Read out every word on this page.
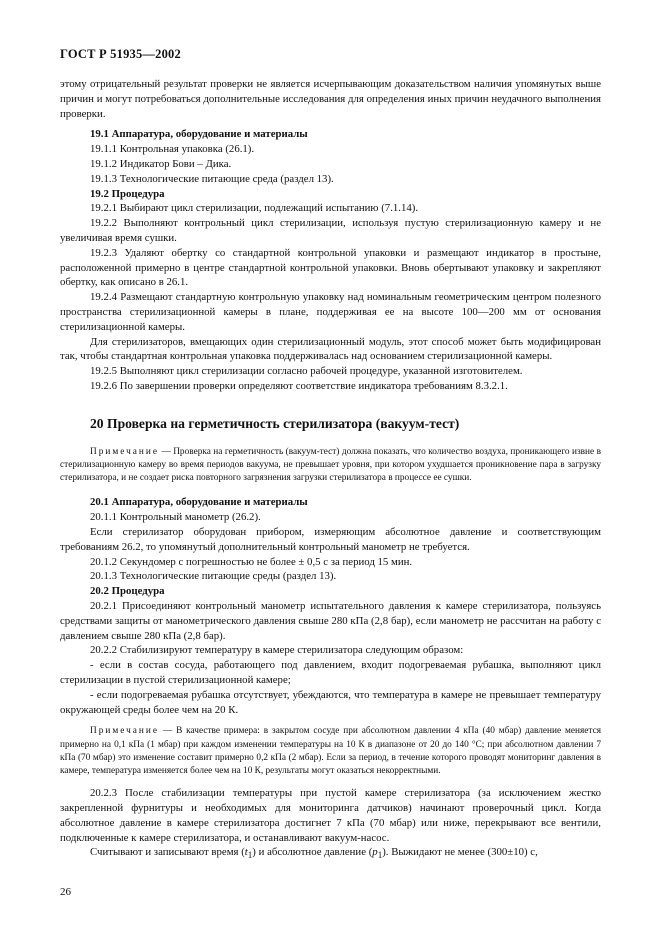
ГОСТ Р 51935—2002

этому отрицательный результат проверки не является исчерпывающим доказательством наличия упомянутых выше причин и могут потребоваться дополнительные исследования для определения иных причин неудачного выполнения проверки.

19.1 Аппаратура, оборудование и материалы

19.1.1 Контрольная упаковка (26.1).

19.1.2 Индикатор Бови – Дика.

19.1.3 Технологические питающие среда (раздел 13).

19.2 Процедура

19.2.1 Выбирают цикл стерилизации, подлежащий испытанию (7.1.14).

19.2.2 Выполняют контрольный цикл стерилизации, используя пустую стерилизационную камеру и не увеличивая время сушки.

19.2.3 Удаляют обертку со стандартной контрольной упаковки и размещают индикатор в простыне, расположенной примерно в центре стандартной контрольной упаковки. Вновь обертывают упаковку и закрепляют обертку, как описано в 26.1.

19.2.4 Размещают стандартную контрольную упаковку над номинальным геометрическим центром полезного пространства стерилизационной камеры в плане, поддерживая ее на высоте 100—200 мм от основания стерилизационной камеры.

Для стерилизаторов, вмещающих один стерилизационный модуль, этот способ может быть модифицирован так, чтобы стандартная контрольная упаковка поддерживалась над основанием стерилизационной камеры.

19.2.5 Выполняют цикл стерилизации согласно рабочей процедуре, указанной изготовителем.

19.2.6 По завершении проверки определяют соответствие индикатора требованиям 8.3.2.1.

20 Проверка на герметичность стерилизатора (вакуум-тест)

Примечание — Проверка на герметичность (вакуум-тест) должна показать, что количество воздуха, проникающего извне в стерилизационную камеру во время периодов вакуума, не превышает уровня, при котором ухудшается проникновение пара в загрузку стерилизатора, и не создает риска повторного загрязнения загрузки стерилизатора в процессе ее сушки.

20.1 Аппаратура, оборудование и материалы

20.1.1 Контрольный манометр (26.2).

Если стерилизатор оборудован прибором, измеряющим абсолютное давление и соответствующим требованиям 26.2, то упомянутый дополнительный контрольный манометр не требуется.

20.1.2 Секундомер с погрешностью не более ± 0,5 с за период 15 мин.

20.1.3 Технологические питающие среды (раздел 13).

20.2 Процедура

20.2.1 Присоединяют контрольный манометр испытательного давления к камере стерилизатора, пользуясь средствами защиты от манометрического давления свыше 280 кПа (2,8 бар), если манометр не рассчитан на работу с давлением свыше 280 кПа (2,8 бар).

20.2.2 Стабилизируют температуру в камере стерилизатора следующим образом:

- если в состав сосуда, работающего под давлением, входит подогреваемая рубашка, выполняют цикл стерилизации в пустой стерилизационной камере;

- если подогреваемая рубашка отсутствует, убеждаются, что температура в камере не превышает температуру окружающей среды более чем на 20 К.

Примечание — В качестве примера: в закрытом сосуде при абсолютном давлении 4 кПа (40 мбар) давление меняется примерно на 0,1 кПа (1 мбар) при каждом изменении температуры на 10 К в диапазоне от 20 до 140 °С; при абсолютном давлении 7 кПа (70 мбар) это изменение составит примерно 0,2 кПа (2 мбар). Если за период, в течение которого проводят мониторинг давления в камере, температура изменяется более чем на 10 К, результаты могут оказаться некорректными.

20.2.3 После стабилизации температуры при пустой камере стерилизатора (за исключением жестко закрепленной фурнитуры и необходимых для мониторинга датчиков) начинают проверочный цикл. Когда абсолютное давление в камере стерилизатора достигнет 7 кПа (70 мбар) или ниже, перекрывают все вентили, подключенные к камере стерилизатора, и останавливают вакуум-насос.

Считывают и записывают время $(t_1)$ и абсолютное давление $(p_1)$. Выжидают не менее (300±10) с,

26
